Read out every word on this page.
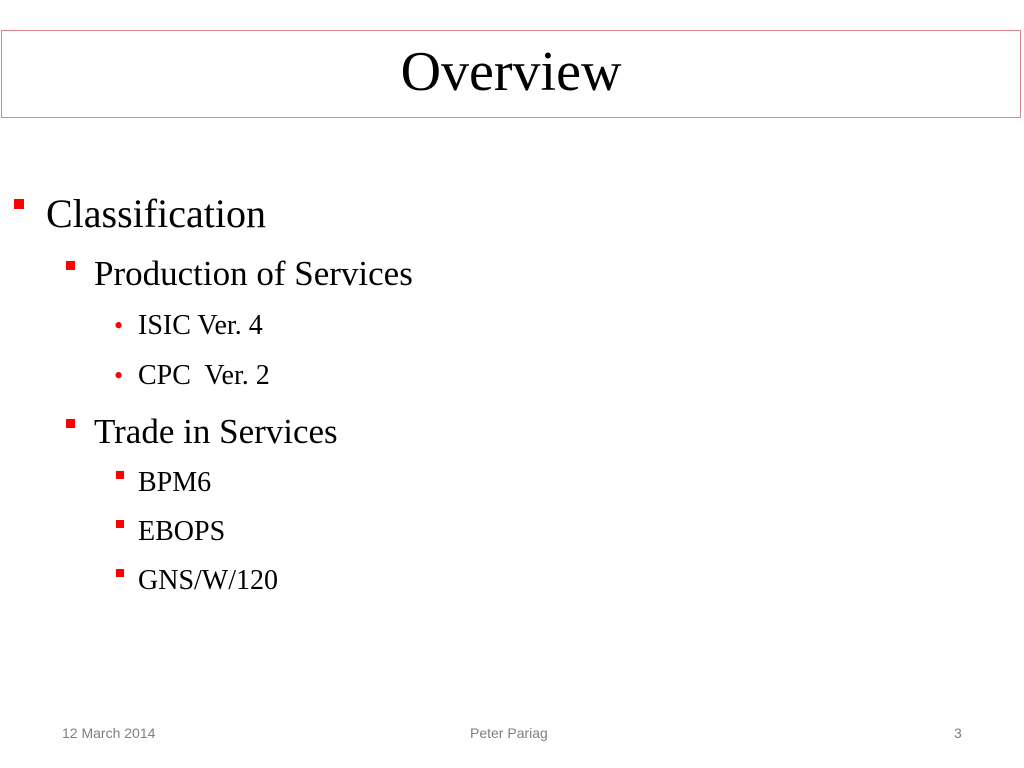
Overview
Classification
Production of Services
• ISIC Ver. 4
• CPC  Ver. 2
Trade in Services
BPM6
EBOPS
GNS/W/120
12 March 2014	Peter Pariag	3
